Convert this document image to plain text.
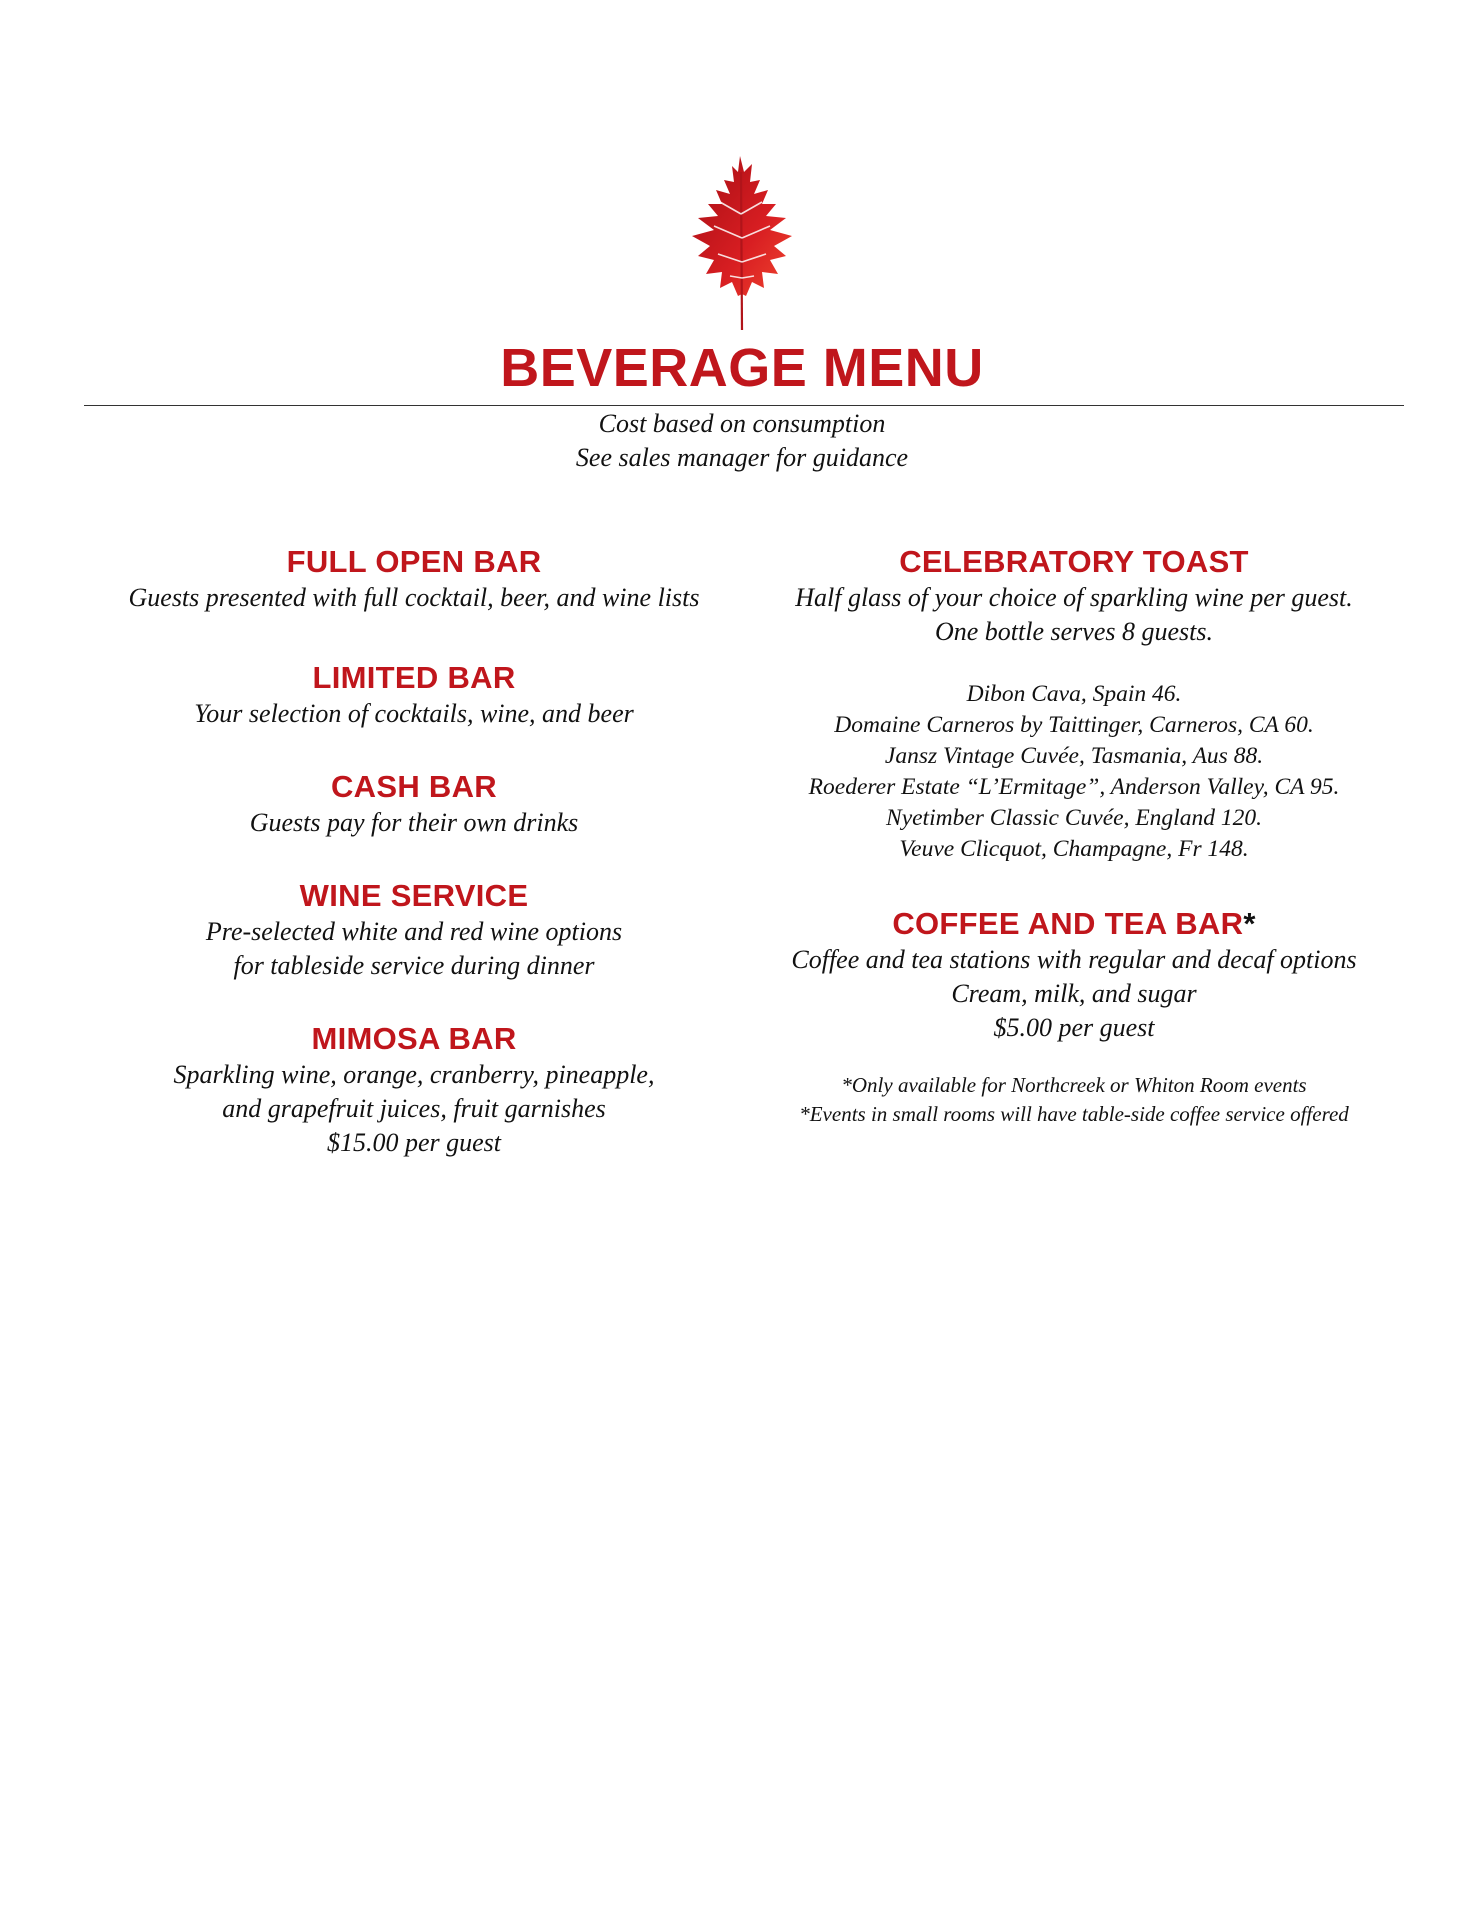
BEVERAGE MENU
Cost based on consumption
See sales manager for guidance
FULL OPEN BAR
Guests presented with full cocktail, beer, and wine lists
LIMITED BAR
Your selection of cocktails, wine, and beer
CASH BAR
Guests pay for their own drinks
WINE SERVICE
Pre-selected white and red wine options
for tableside service during dinner
MIMOSA BAR
Sparkling wine, orange, cranberry, pineapple,
and grapefruit juices, fruit garnishes
$15.00 per guest
CELEBRATORY TOAST
Half glass of your choice of sparkling wine per guest.
One bottle serves 8 guests.
Dibon Cava, Spain 46.
Domaine Carneros by Taittinger, Carneros, CA 60.
Jansz Vintage Cuvée, Tasmania, Aus 88.
Roederer Estate “L’Ermitage”, Anderson Valley, CA 95.
Nyetimber Classic Cuvée, England 120.
Veuve Clicquot, Champagne, Fr 148.
COFFEE AND TEA BAR*
Coffee and tea stations with regular and decaf options
Cream, milk, and sugar
$5.00 per guest
*Only available for Northcreek or Whiton Room events
*Events in small rooms will have table-side coffee service offered
